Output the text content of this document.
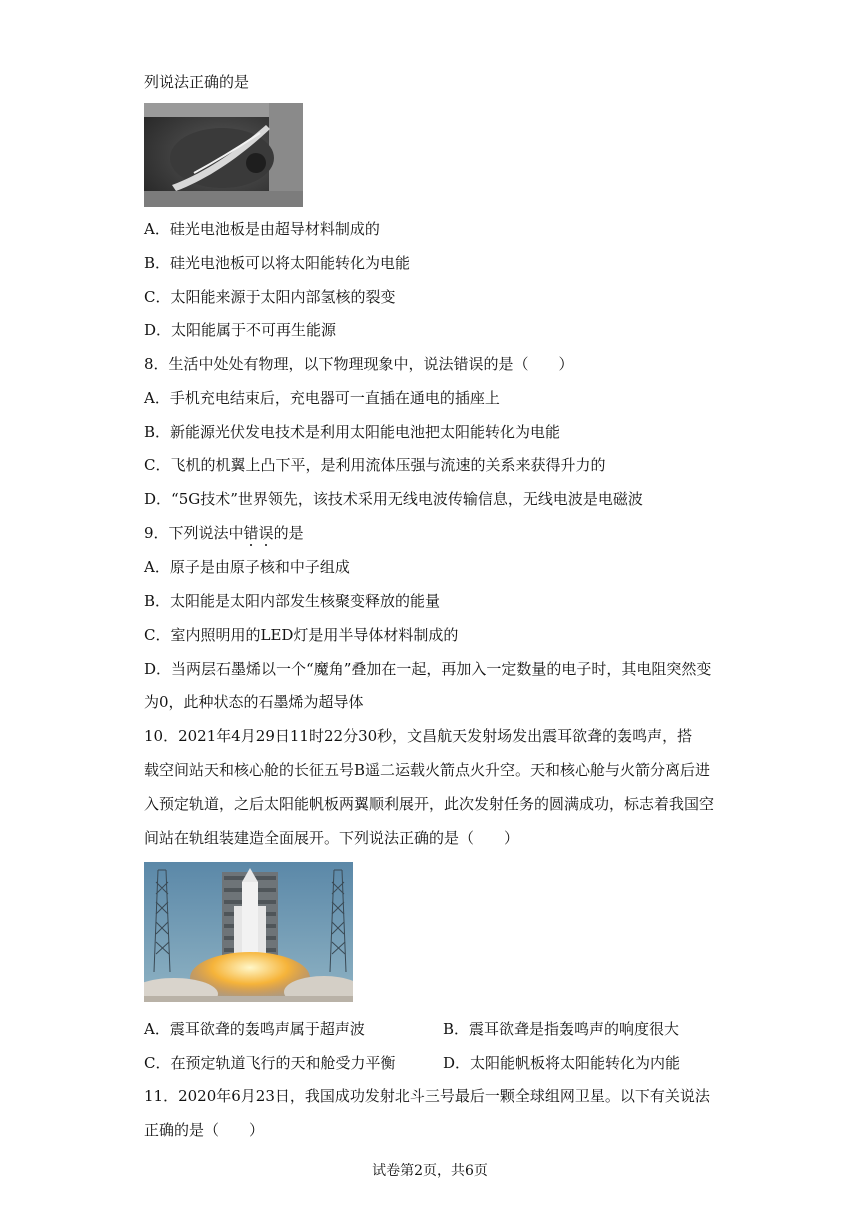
列说法正确的是
A．硅光电池板是由超导材料制成的
B．硅光电池板可以将太阳能转化为电能
C．太阳能来源于太阳内部氢核的裂变
D．太阳能属于不可再生能源
8．生活中处处有物理，以下物理现象中，说法错误的是（　　）
A．手机充电结束后，充电器可一直插在通电的插座上
B．新能源光伏发电技术是利用太阳能电池把太阳能转化为电能
C．飞机的机翼上凸下平，是利用流体压强与流速的关系来获得升力的
D．“5G技术”世界领先，该技术采用无线电波传输信息，无线电波是电磁波
9．下列说法中错误的是
A．原子是由原子核和中子组成
B．太阳能是太阳内部发生核聚变释放的能量
C．室内照明用的LED灯是用半导体材料制成的
D．当两层石墨烯以一个“魔角”叠加在一起，再加入一定数量的电子时，其电阻突然变
为0，此种状态的石墨烯为超导体
10．2021年4月29日11时22分30秒，文昌航天发射场发出震耳欲聋的轰鸣声，搭
载空间站天和核心舱的长征五号B遥二运载火箭点火升空。天和核心舱与火箭分离后进
入预定轨道，之后太阳能帆板两翼顺利展开，此次发射任务的圆满成功，标志着我国空
间站在轨组装建造全面展开。下列说法正确的是（　　）
A．震耳欲聋的轰鸣声属于超声波	B．震耳欲聋是指轰鸣声的响度很大
C．在预定轨道飞行的天和舱受力平衡	D．太阳能帆板将太阳能转化为内能
11．2020年6月23日，我国成功发射北斗三号最后一颗全球组网卫星。以下有关说法
正确的是（　　）
试卷第2页，共6页
